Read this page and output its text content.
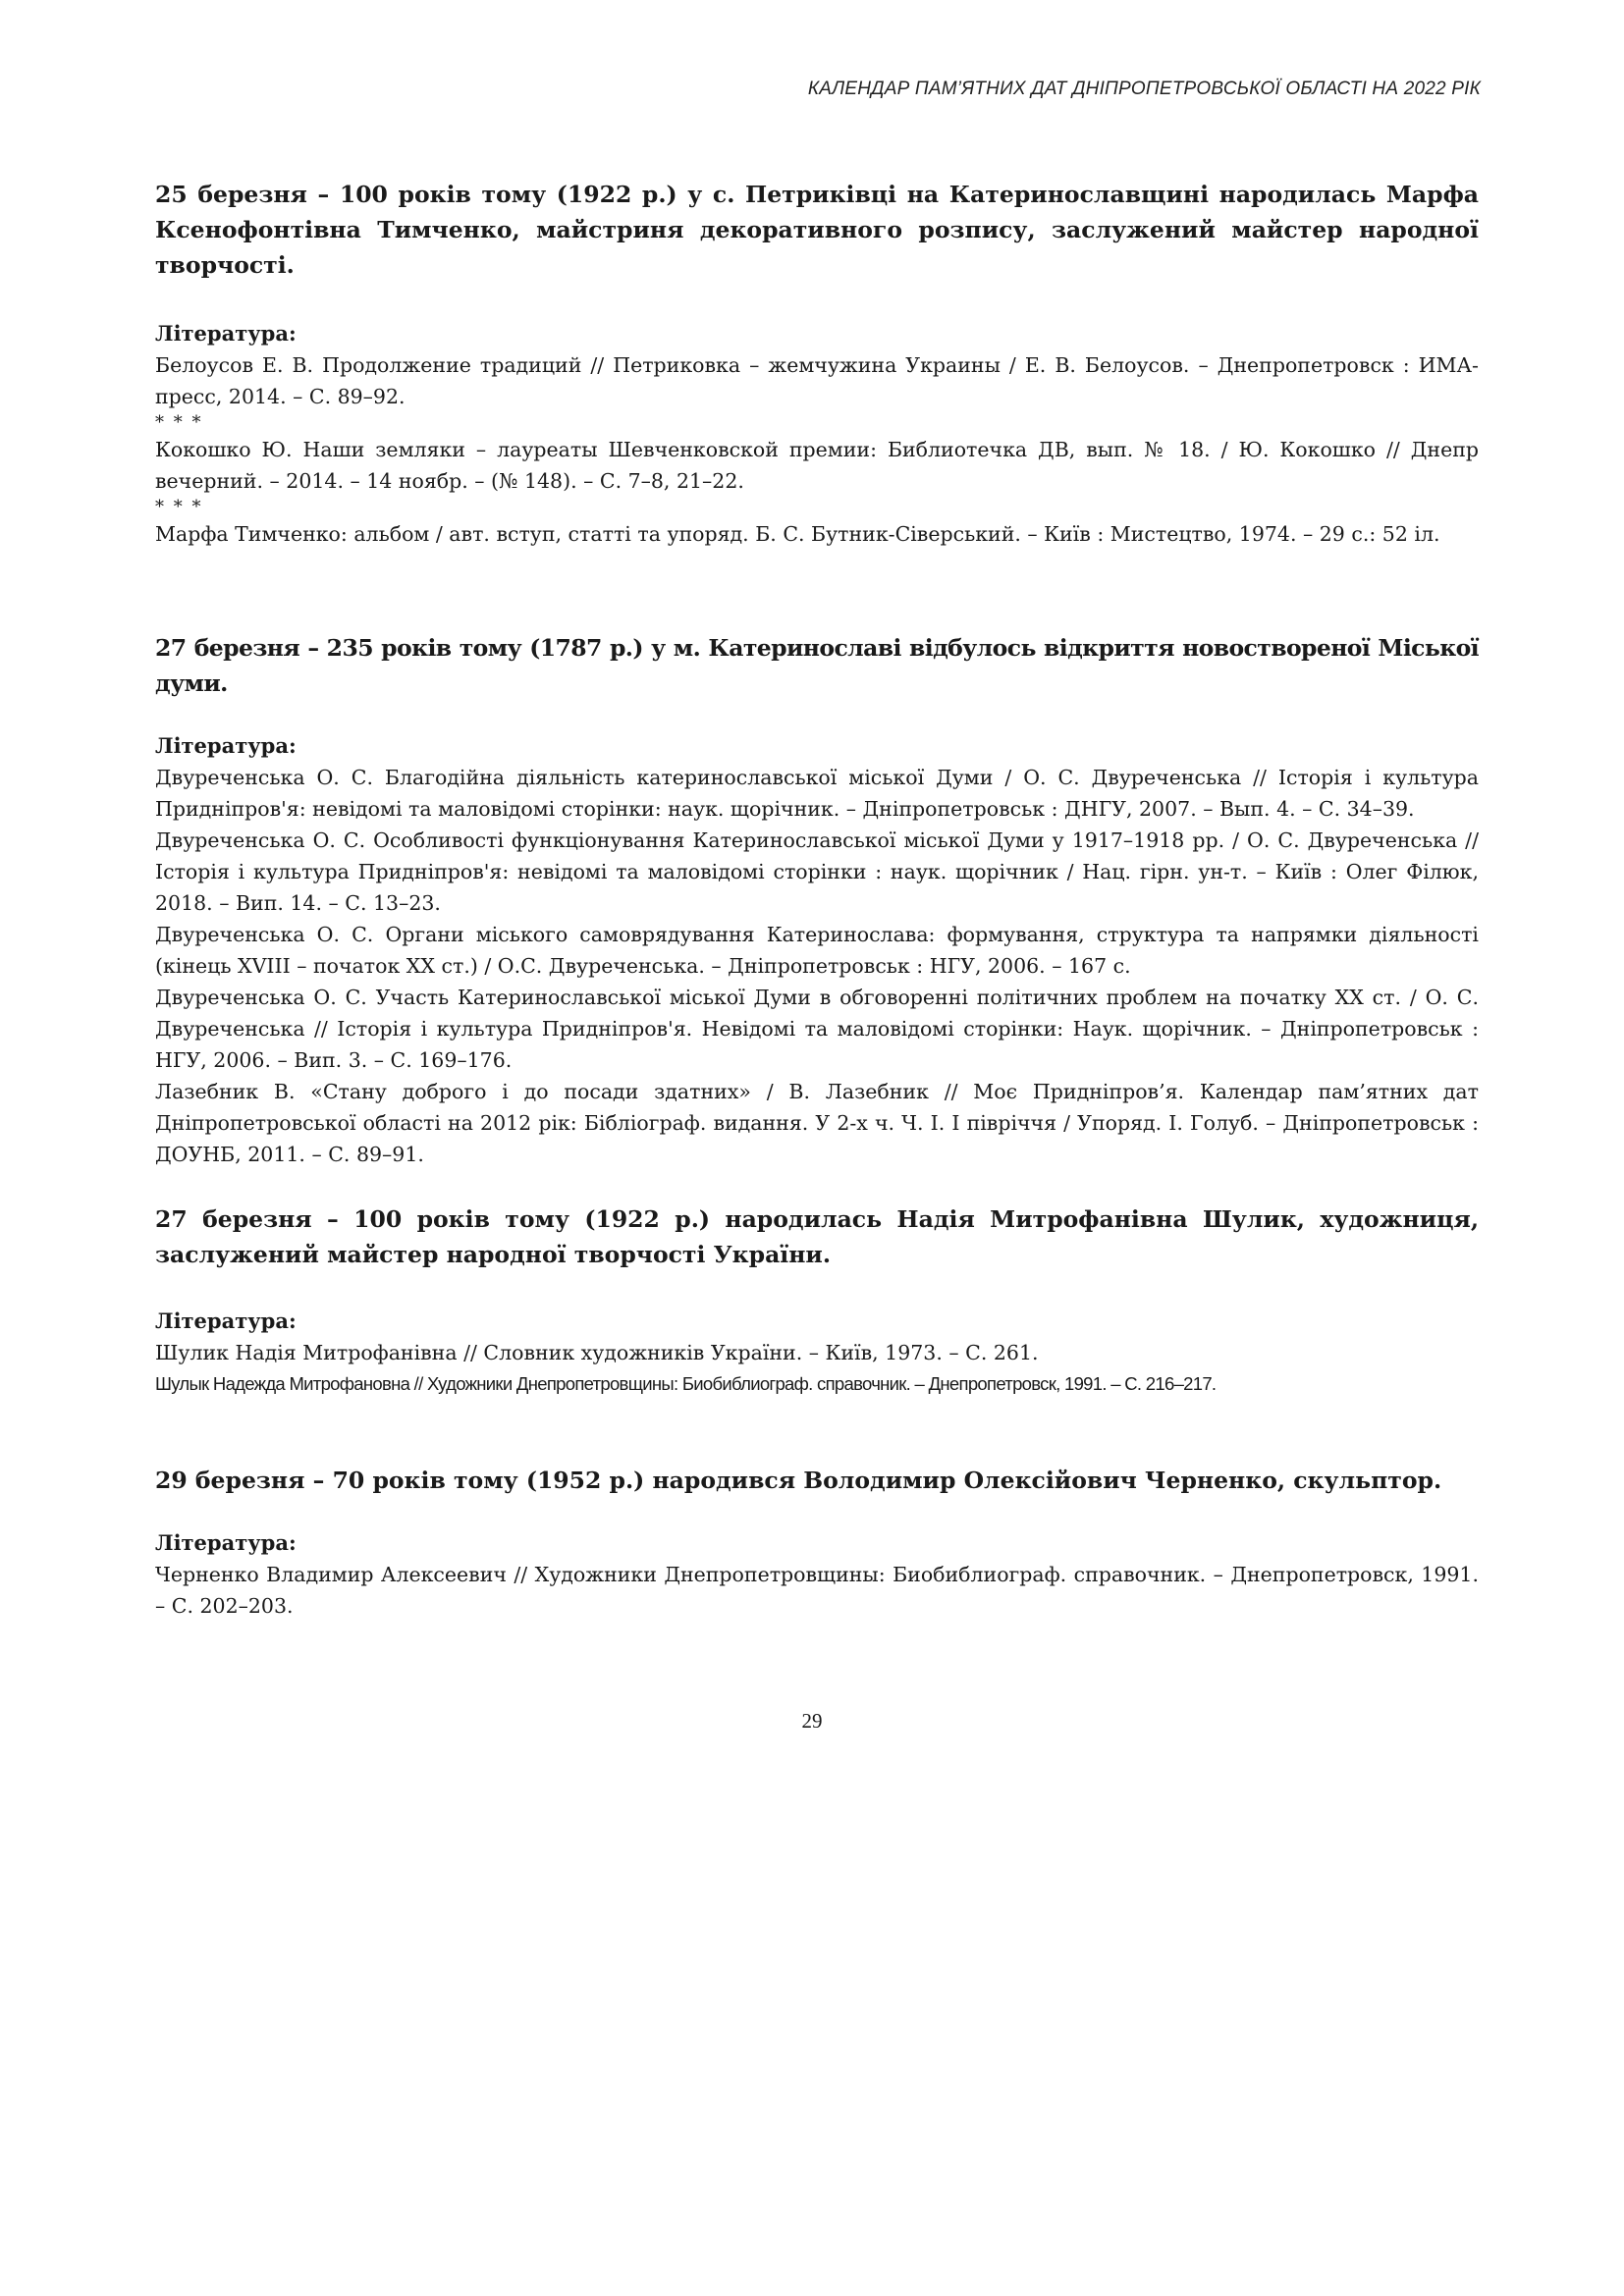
КАЛЕНДАР ПАМ’ЯТНИХ ДАТ ДНІПРОПЕТРОВСЬКОЇ ОБЛАСТІ НА 2022 РІК

25 березня – 100 років тому (1922 р.) у с. Петриківці на Катеринославщині народилась Марфа Ксенофонтівна Тимченко, майстриня декоративного розпису, заслужений майстер народної творчості.

Література:

Белоусов Е. В. Продолжение традиций // Петриковка – жемчужина Украины / Е. В. Белоусов. – Днепропетровск : ИМА-пресс, 2014. – С. 89–92.

* * *

Кокошко Ю. Наши земляки – лауреаты Шевченковской премии: Библиотечка ДВ, вып. № 18. / Ю. Кокошко // Днепр вечерний. – 2014. – 14 ноябр. – (№ 148). – С. 7–8, 21–22.

* * *

Марфа Тимченко: альбом / авт. вступ, статті та упоряд. Б. С. Бутник-Сіверський. – Київ : Мистецтво, 1974. – 29 с.: 52 іл.

27 березня – 235 років тому (1787 р.) у м. Катеринославі відбулось відкриття новоствореної Міської думи.

Література:

Двуреченська О. С. Благодійна діяльність катеринославської міської Думи / О. С. Двуреченська // Історія і культура Придніпров'я: невідомі та маловідомі сторінки: наук. щорічник. – Дніпропетровськ : ДНГУ, 2007. – Вып. 4. – С. 34–39.

Двуреченська О. С. Особливості функціонування Катеринославської міської Думи у 1917–1918 рр. / О. С. Двуреченська // Історія і культура Придніпров'я: невідомі та маловідомі сторінки : наук. щорічник / Нац. гірн. ун-т. – Київ : Олег Філюк, 2018. – Вип. 14. – С. 13–23.

Двуреченська О. С. Органи міського самоврядування Катеринослава: формування, структура та напрямки діяльності (кінець XVIII – початок XX ст.) / О.С. Двуреченська. – Дніпропетровськ : НГУ, 2006. – 167 с.

Двуреченська О. С. Участь Катеринославської міської Думи в обговоренні політичних проблем на початку XX ст. / О. С. Двуреченська // Історія і культура Придніпров'я. Невідомі та маловідомі сторінки: Наук. щорічник. – Дніпропетровськ : НГУ, 2006. – Вип. 3. – С. 169–176.

Лазебник В. «Стану доброго і до посади здатних» / В. Лазебник // Моє Придніпров’я. Календар пам’ятних дат Дніпропетровської області на 2012 рік: Бібліограф. видання. У 2-х ч. Ч. І. І півріччя / Упоряд. І. Голуб. – Дніпропетровськ : ДОУНБ, 2011. – С. 89–91.

27 березня – 100 років тому (1922 р.) народилась Надія Митрофанівна Шулик, художниця, заслужений майстер народної творчості України.

Література:

Шулик Надія Митрофанівна // Словник художників України. – Київ, 1973. – С. 261.

Шулык Надежда Митрофановна // Художники Днепропетровщины: Биобиблиограф. справочник. – Днепропетровск, 1991. – С. 216–217.

29 березня – 70 років тому (1952 р.) народився Володимир Олексійович Черненко, скульптор.

Література:

Черненко Владимир Алексеевич // Художники Днепропетровщины: Биобиблиограф. справочник. – Днепропетровск, 1991. – С. 202–203.

29
